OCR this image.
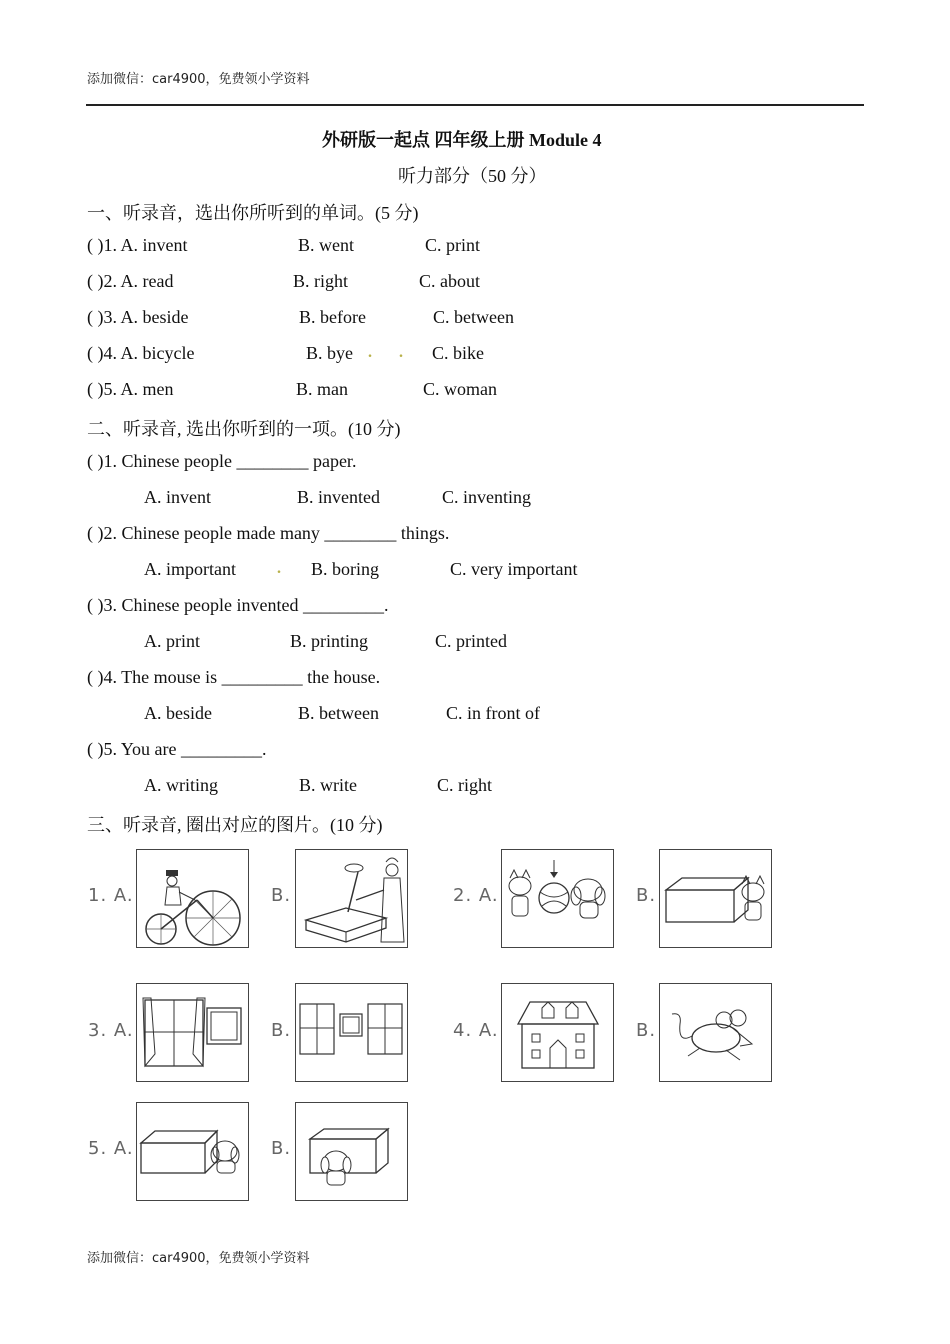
添加微信：car4900，免费领小学资料
外研版一起点 四年级上册 Module 4
听力部分（50 分）
一、听录音，选出你所听到的单词。(5 分)
( )1. A. invent	B. went	C. print
( )2. A. read	B. right	C. about
( )3. A. beside	B. before	C. between
( )4. A. bicycle	B. bye	C. bike
. .
( )5. A. men	B. man	C. woman
二、听录音, 选出你听到的一项。(10 分)
( )1. Chinese people ________ paper.
A. invent	B. invented	C. inventing
( )2. Chinese people made many ________ things.
A. important	B. boring	C. very important
.
( )3. Chinese people invented _________.
A. print	B. printing	C. printed
( )4. The mouse is _________ the house.
A. beside	B. between	C. in front of
( )5. You are _________.
A. writing	B. write	C. right
三、听录音, 圈出对应的图片。(10 分)
1. A.	B.	2. A.	B.
3. A.	B.	4. A.	B.
5. A.	B.
添加微信：car4900，免费领小学资料
